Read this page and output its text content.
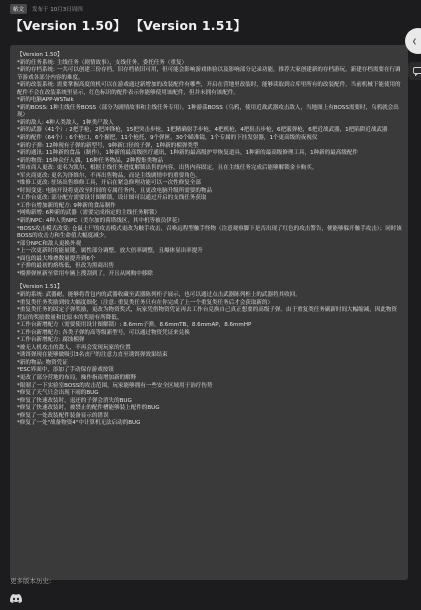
帖文	发布于 10月3日周四
【Version 1.50】 【Version 1.51】
【Version 1.50】
*新的任务系统: 主线任务（剧情故事），支线任务，委托任务（重复）
*新的存档系统: 一共可以创建三份存档，旧存档依旧可用，但可能会影响游戏体验以及影响部分记录功能，推荐大家创建新的存档游玩。新建存档需要在行调节游戏各部分内容的难度。
*新的改装系统: 需要掌握高度的机可以在游戏通过新增加的改装配件有哪些，开启在营地里改装时，能够读取到合库里所有的改装配件，当前机械下能使用的配件不会在改装系统里显示，红色标识的配件表示你能够使用该配件，但并未拥有该配件。
*新的电脑APP-WSTalk
*新的BOSS: 1种主线任务BOSS（部分为剧情故事和主线任务专用），1种游荡BOSS（乌鸦，使用近战武器攻击敌人，当地图上有BOSS需要时，乌鸦就会出现）
*新的敌人: 4种人类敌人，1种类尸敌人
*新的武器（41个）: 2把手枪，2把冲锋枪，15把突击步枪，1把精确射手步枪，4把机枪，4把狙击步枪，6把霰弹枪，6把近战武器，1把陷阱近战武器
*新的配件（64个）: 6个枪口，6个握把，11个枪托，9个弹匣，30个瞄准镜，1个专属的下挂发射器，1个更高级的夜视仪
*新的子弹: 12种现有子弹的新型号，9种新口径的子弹，1种新的榴弹类型
*新的通讯: 11种新的食品（制作），1种新的最高级医疗通讯，1种新的最高级护甲恢复道具，1种新的最高级修理工具，1种新的最高级配件
*新的物资: 15种众仔人偶，16种任务物品，2种搜集类物品
*黑市商人更改: 更名为凯尔，根据主线任务进度解锁出售的内容，出售内容固定，且在主线任务完成后能够解锁金卡购买。
*军火商更改: 更名为泽维尔，不再出售物品，而是主线剧情中的重要角色。
*维修工更改: 驻场出售维修工具，开启在紧急修理功能可以一次性修复全部
*时间变更: 电脑开设将更改至时间的专属任务内，且更改电脑升级所需要的物品
*工作台更改: 部分配方需要设计图解锁，设计图可以通过开启的支线任务获取
*工作台增加新的配方: 9种新的食品制作
*网购新增: 6种新的武器（需要完成指定的主线任务解锁）
*新的NPC: 4种人类NPC（美尔加的荷塔线区，其中机等被员伊花）
*BOSS攻击模式改变: 仓鼠土尸的攻击模式更改为触手攻击，召唤远程型触手怪物（注意观察脚下是否出现了红色的攻击警告，便能够躲开触手攻击）；同时该BOSS的攻击力和生命值大幅度减少。
*部分NPC和敌人更换外观
*上一次更新时的能量键，属性部分调整，放大倍率调整，且爆体显出率提升
*面包的最大堆叠数量提升到6个
*子弹的最初的熔炼低，但改为黑商出售
*榴弹弹匣新至常用车辆上搜刮到了，开且从网购中移除
【Version 1.51】
*新的系统: 武器耐，能够将背包内的武器收藏至武器陈列柜子展示，也可以通过点击武器陈列柜上的武器将其收回。
*重复类任务奖励到较大幅度细化（注意: 重复类任务只有在你完成了上一个重复类任务后才会获取新的）
*重复类任务的固定子弹奖励，更改为物资奖式，玩家凭借物资凭证再去工作台兑换自己真正想要的高级子弹。由于重复类任务刷新时间大幅缩减，因此物资凭证的奖励数量和比原本的奖励有所降低。
*工作台新增配方（需要使用设计图解锁）: 8.6mm子弹，8.6mmTB，8.6mmAP，8.6mmHP
*工作台新增配方: 各类子弹的高等级新型号，可以通过物资凭证来兑换
*工作台新增配方: 腐蚀榴弹
*被无人机攻击的敌人，不再会发现玩家的位置
*诱饵弹现在能够做吸引3名丧尸的注意力直至诱饵弹效果结束
*新的物品: 物资凭证
*ESC界面中，添加了手动保存游戏按钮
*更改了部分营地的布局，操作指南增加新的解释
*限制了一下实验室BOSS的攻击范围，玩家能够拥有一些安全区域用于治疗伤势
*修复了天气只会出现下雨的BUG
*修复了快速改装时，退还的子弹会消失的BUG
*修复了快速改装时，被禁止的配件槽能够装上配件的BUG
*修复了一处改装配件装备显示的错误
*修复了一处"战备物资4"中计算机无法启动的BUG
更多版本历史:
❮
